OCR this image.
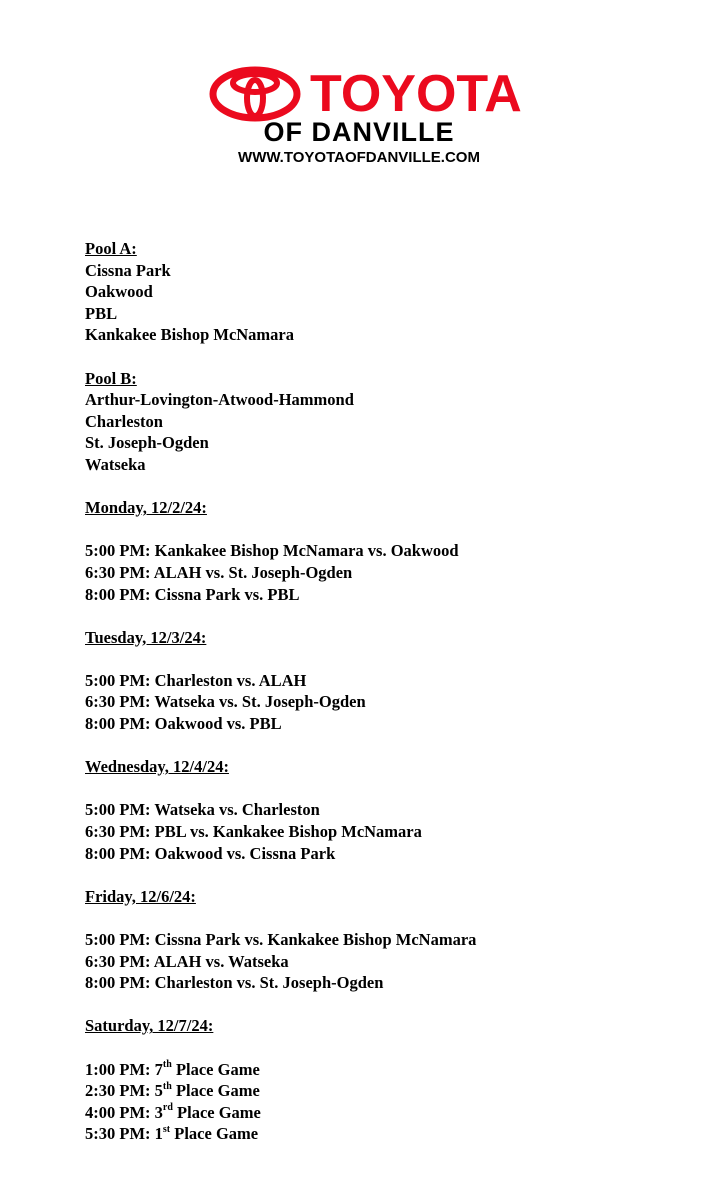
TOYOTA
OF DANVILLE
WWW.TOYOTAOFDANVILLE.COM
Pool A:
Cissna Park
Oakwood
PBL
Kankakee Bishop McNamara
Pool B:
Arthur-Lovington-Atwood-Hammond
Charleston
St. Joseph-Ogden
Watseka
Monday, 12/2/24:
5:00 PM: Kankakee Bishop McNamara vs. Oakwood
6:30 PM: ALAH vs. St. Joseph-Ogden
8:00 PM: Cissna Park vs. PBL
Tuesday, 12/3/24:
5:00 PM: Charleston vs. ALAH
6:30 PM: Watseka vs. St. Joseph-Ogden
8:00 PM: Oakwood vs. PBL
Wednesday, 12/4/24:
5:00 PM: Watseka vs. Charleston
6:30 PM: PBL vs. Kankakee Bishop McNamara
8:00 PM: Oakwood vs. Cissna Park
Friday, 12/6/24:
5:00 PM: Cissna Park vs. Kankakee Bishop McNamara
6:30 PM: ALAH vs. Watseka
8:00 PM: Charleston vs. St. Joseph-Ogden
Saturday, 12/7/24:
1:00 PM: 7th Place Game
2:30 PM: 5th Place Game
4:00 PM: 3rd Place Game
5:30 PM: 1st Place Game
